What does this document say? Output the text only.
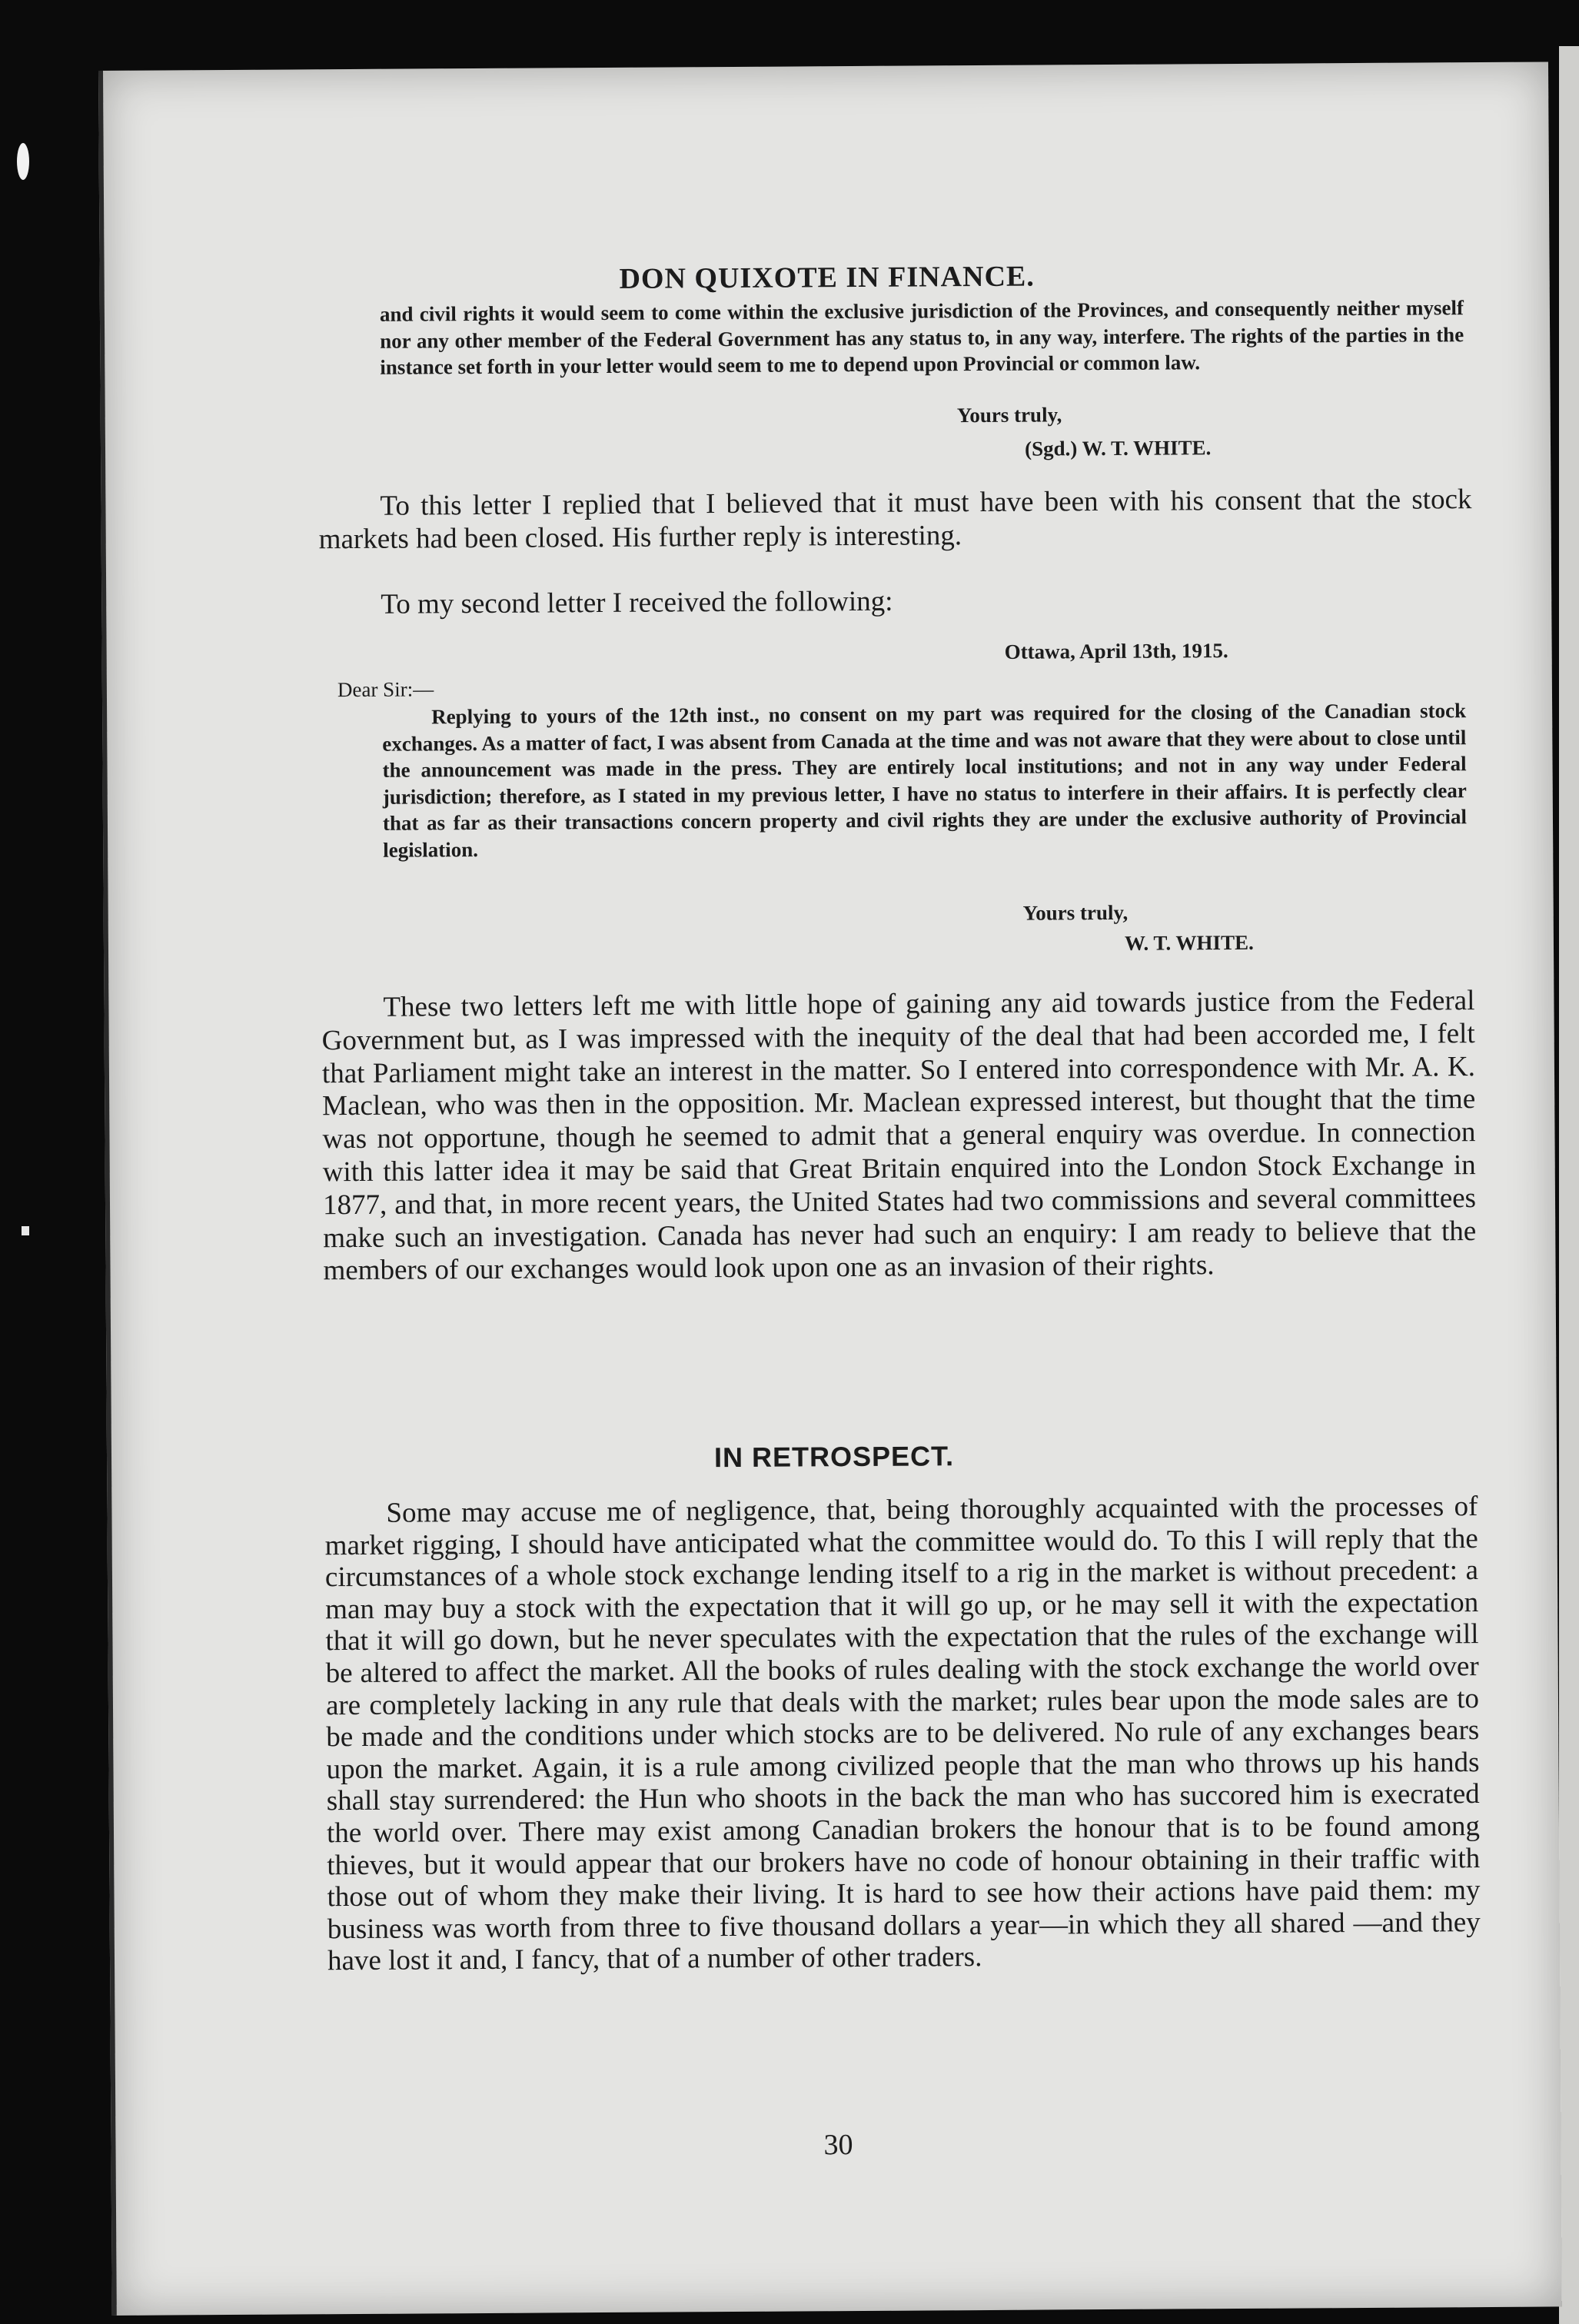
DON QUIXOTE IN FINANCE.

and civil rights it would seem to come within the exclusive jurisdiction of the Provinces, and consequently neither myself nor any other member of the Federal Government has any status to, in any way, interfere. The rights of the parties in the instance set forth in your letter would seem to me to depend upon Provincial or common law.

Yours truly,

(Sgd.) W. T. WHITE.

To this letter I replied that I believed that it must have been with his consent that the stock markets had been closed. His further reply is interesting.

To my second letter I received the following:

Ottawa, April 13th, 1915.

Dear Sir:—

Replying to yours of the 12th inst., no consent on my part was required for the closing of the Canadian stock exchanges. As a matter of fact, I was absent from Canada at the time and was not aware that they were about to close until the announcement was made in the press. They are entirely local institutions; and not in any way under Federal jurisdiction; therefore, as I stated in my previous letter, I have no status to interfere in their affairs. It is perfectly clear that as far as their transactions concern property and civil rights they are under the exclusive authority of Provincial legislation.

Yours truly,

W. T. WHITE.

These two letters left me with little hope of gaining any aid towards justice from the Federal Government but, as I was impressed with the inequity of the deal that had been accorded me, I felt that Parliament might take an interest in the matter. So I entered into correspondence with Mr. A. K. Maclean, who was then in the opposition. Mr. Maclean expressed interest, but thought that the time was not opportune, though he seemed to admit that a general enquiry was overdue. In connection with this latter idea it may be said that Great Britain enquired into the London Stock Exchange in 1877, and that, in more recent years, the United States had two commissions and several committees make such an investigation. Canada has never had such an enquiry: I am ready to believe that the members of our exchanges would look upon one as an invasion of their rights.

IN RETROSPECT.

Some may accuse me of negligence, that, being thoroughly acquainted with the processes of market rigging, I should have anticipated what the committee would do. To this I will reply that the circumstances of a whole stock exchange lending itself to a rig in the market is without precedent: a man may buy a stock with the expectation that it will go up, or he may sell it with the expectation that it will go down, but he never speculates with the expectation that the rules of the exchange will be altered to affect the market. All the books of rules dealing with the stock exchange the world over are completely lacking in any rule that deals with the market; rules bear upon the mode sales are to be made and the conditions under which stocks are to be delivered. No rule of any exchanges bears upon the market. Again, it is a rule among civilized people that the man who throws up his hands shall stay surrendered: the Hun who shoots in the back the man who has succored him is execrated the world over. There may exist among Canadian brokers the honour that is to be found among thieves, but it would appear that our brokers have no code of honour obtaining in their traffic with those out of whom they make their living. It is hard to see how their actions have paid them: my business was worth from three to five thousand dollars a year—in which they all shared —and they have lost it and, I fancy, that of a number of other traders.

30
